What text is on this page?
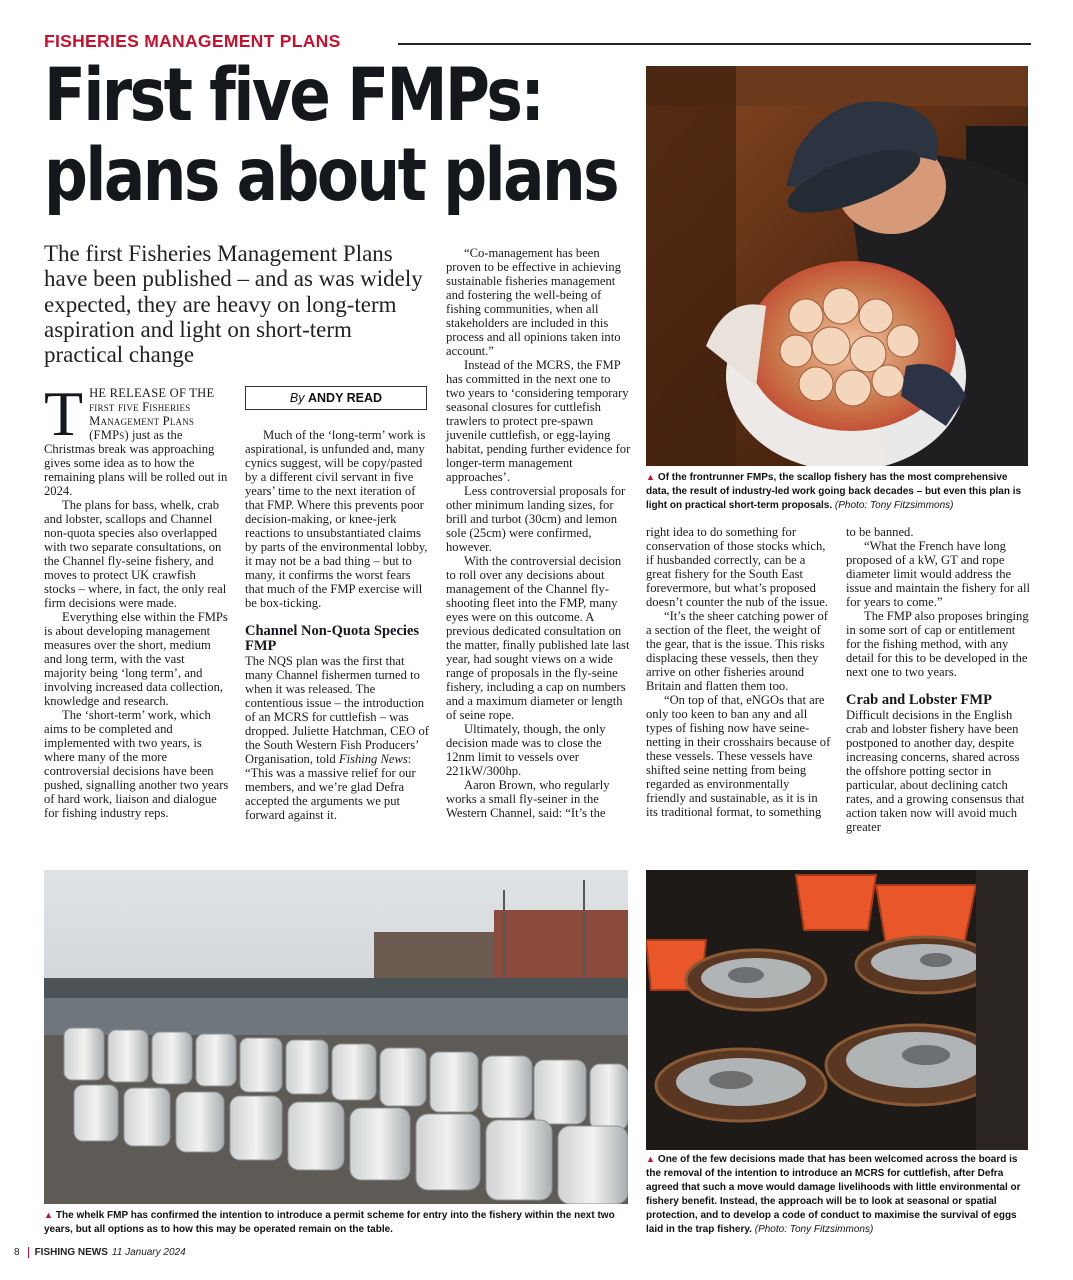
FISHERIES MANAGEMENT PLANS
First five FMPs:
plans about plans
▲ Of the frontrunner FMPs, the scallop fishery has the most comprehensive data, the result of industry-led work going back decades – but even this plan is light on practical short-term proposals. (Photo: Tony Fitzsimmons)
The first Fisheries Management Plans have been published – and as was widely expected, they are heavy on long-term aspiration and light on short-term practical change
By ANDY READ

THE RELEASE OF THE first five Fisheries Management Plans (FMPs) just as the Christmas break was approaching gives some idea as to how the remaining plans will be rolled out in 2024.

The plans for bass, whelk, crab and lobster, scallops and Channel non-quota species also overlapped with two separate consultations, on the Channel fly-seine fishery, and moves to protect UK crawfish stocks – where, in fact, the only real firm decisions were made.

Everything else within the FMPs is about developing management measures over the short, medium and long term, with the vast majority being ‘long term’, and involving increased data collection, knowledge and research.

The ‘short-term’ work, which aims to be completed and implemented with two years, is where many of the more controversial decisions have been pushed, signalling another two years of hard work, liaison and dialogue for fishing industry reps.

Much of the ‘long-term’ work is aspirational, is unfunded and, many cynics suggest, will be copy/pasted by a different civil servant in five years’ time to the next iteration of that FMP. Where this prevents poor decision-making, or knee-jerk reactions to unsubstantiated claims by parts of the environmental lobby, it may not be a bad thing – but to many, it confirms the worst fears that much of the FMP exercise will be box-ticking.

Channel Non-Quota Species FMP

The NQS plan was the first that many Channel fishermen turned to when it was released. The contentious issue – the introduction of an MCRS for cuttlefish – was dropped. Juliette Hatchman, CEO of the South Western Fish Producers’ Organisation, told Fishing News: “This was a massive relief for our members, and we’re glad Defra accepted the arguments we put forward against it.

“Co-management has been proven to be effective in achieving sustainable fisheries management and fostering the well-being of fishing communities, when all stakeholders are included in this process and all opinions taken into account.”

Instead of the MCRS, the FMP has committed in the next one to two years to ‘considering temporary seasonal closures for cuttlefish trawlers to protect pre-spawn juvenile cuttlefish, or egg-laying habitat, pending further evidence for longer-term management approaches’.

Less controversial proposals for other minimum landing sizes, for brill and turbot (30cm) and lemon sole (25cm) were confirmed, however.

With the controversial decision to roll over any decisions about management of the Channel fly-shooting fleet into the FMP, many eyes were on this outcome. A previous dedicated consultation on the matter, finally published late last year, had sought views on a wide range of proposals in the fly-seine fishery, including a cap on numbers and a maximum diameter or length of seine rope.

Ultimately, though, the only decision made was to close the 12nm limit to vessels over 221kW/300hp.

Aaron Brown, who regularly works a small fly-seiner in the Western Channel, said: “It’s the

right idea to do something for conservation of those stocks which, if husbanded correctly, can be a great fishery for the South East forevermore, but what’s proposed doesn’t counter the nub of the issue.

“It’s the sheer catching power of a section of the fleet, the weight of the gear, that is the issue. This risks displacing these vessels, then they arrive on other fisheries around Britain and flatten them too.

“On top of that, eNGOs that are only too keen to ban any and all types of fishing now have seine-netting in their crosshairs because of these vessels. These vessels have shifted seine netting from being regarded as environmentally friendly and sustainable, as it is in its traditional format, to something

to be banned.

“What the French have long proposed of a kW, GT and rope diameter limit would address the issue and maintain the fishery for all for years to come.”

The FMP also proposes bringing in some sort of cap or entitlement for the fishing method, with any detail for this to be developed in the next one to two years.

Crab and Lobster FMP

Difficult decisions in the English crab and lobster fishery have been postponed to another day, despite increasing concerns, shared across the offshore potting sector in particular, about declining catch rates, and a growing consensus that action taken now will avoid much greater

▲ The whelk FMP has confirmed the intention to introduce a permit scheme for entry into the fishery within the next two years, but all options as to how this may be operated remain on the table.
▲ One of the few decisions made that has been welcomed across the board is the removal of the intention to introduce an MCRS for cuttlefish, after Defra agreed that such a move would damage livelihoods with little environmental or fishery benefit. Instead, the approach will be to look at seasonal or spatial protection, and to develop a code of conduct to maximise the survival of eggs laid in the trap fishery. (Photo: Tony Fitzsimmons)
8 FISHING NEWS 11 January 2024
